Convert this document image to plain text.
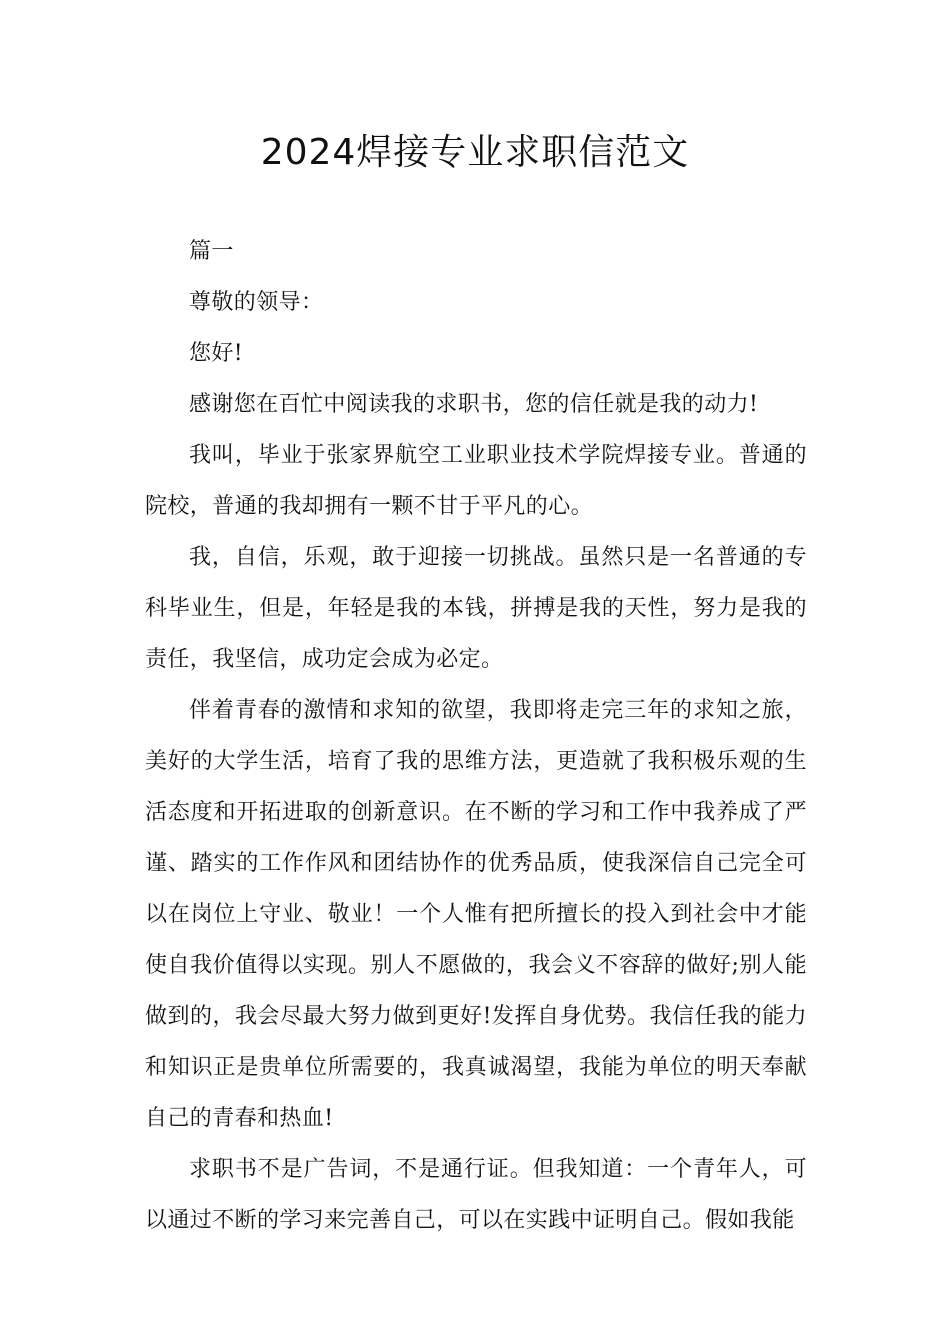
2024焊接专业求职信范文

篇一

尊敬的领导：

您好!

感谢您在百忙中阅读我的求职书，您的信任就是我的动力!

我叫，毕业于张家界航空工业职业技术学院焊接专业。普通的院校，普通的我却拥有一颗不甘于平凡的心。

我，自信，乐观，敢于迎接一切挑战。虽然只是一名普通的专科毕业生，但是，年轻是我的本钱，拼搏是我的天性，努力是我的责任，我坚信，成功定会成为必定。

伴着青春的激情和求知的欲望，我即将走完三年的求知之旅，美好的大学生活，培育了我的思维方法，更造就了我积极乐观的生活态度和开拓进取的创新意识。在不断的学习和工作中我养成了严谨、踏实的工作作风和团结协作的优秀品质，使我深信自己完全可以在岗位上守业、敬业！一个人惟有把所擅长的投入到社会中才能使自我价值得以实现。别人不愿做的，我会义不容辞的做好;别人能做到的，我会尽最大努力做到更好!发挥自身优势。我信任我的能力和知识正是贵单位所需要的，我真诚渴望，我能为单位的明天奉献自己的青春和热血!

求职书不是广告词，不是通行证。但我知道：一个青年人，可以通过不断的学习来完善自己，可以在实践中证明自己。假如我能
